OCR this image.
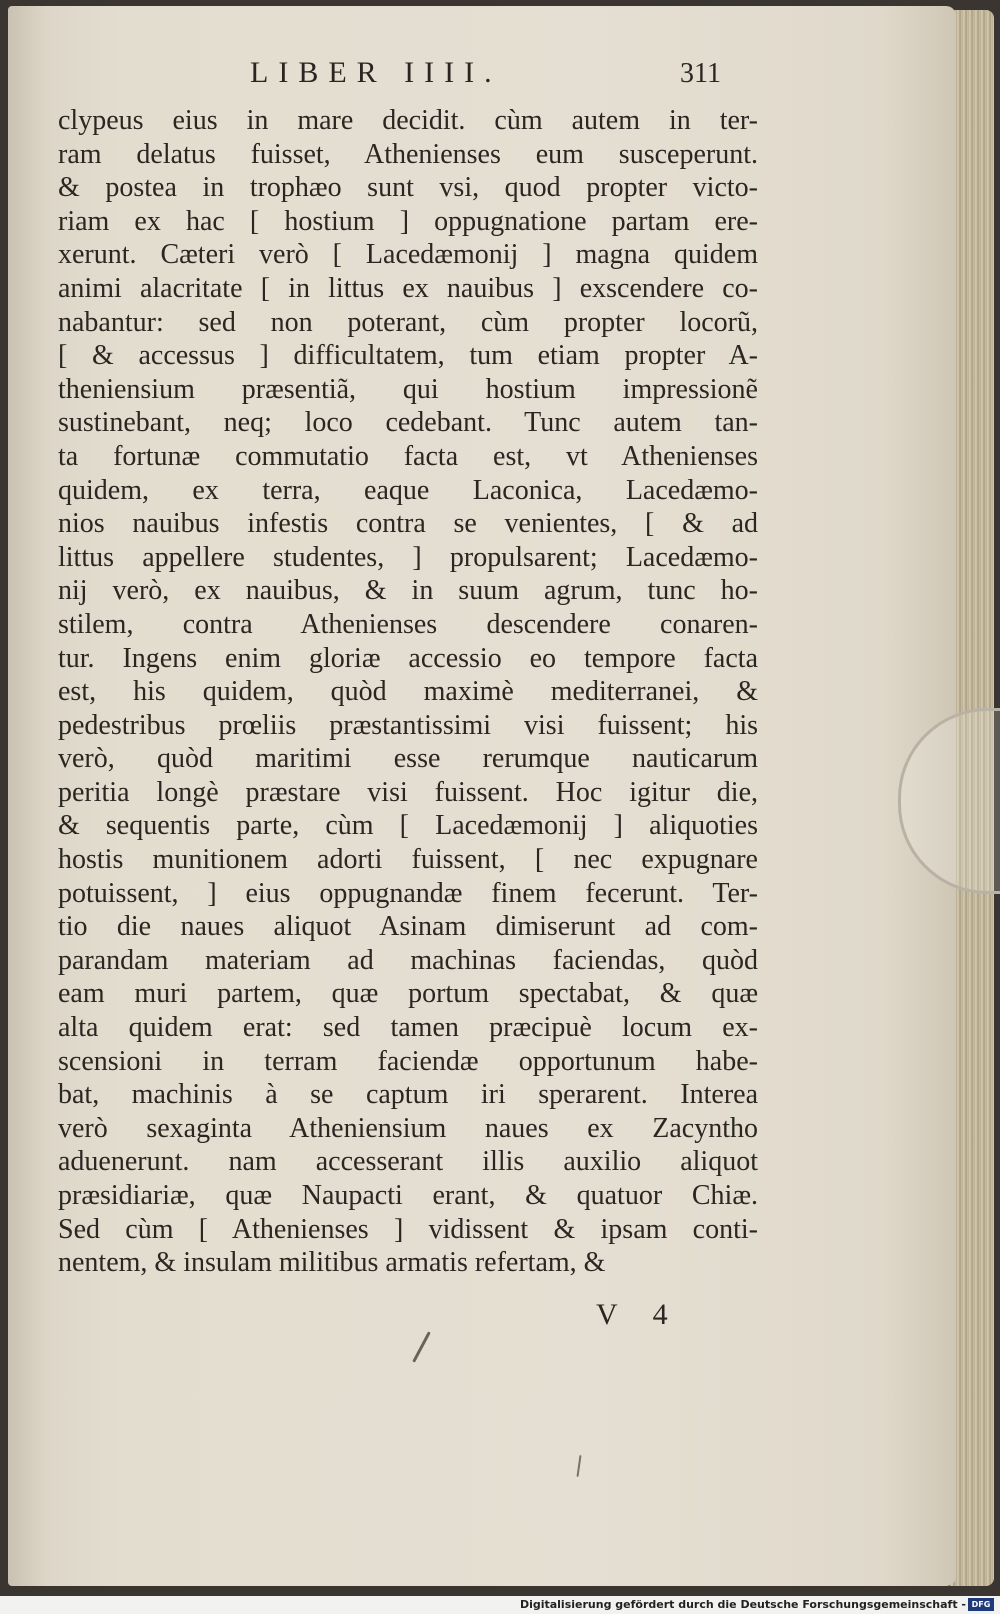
LIBER IIII.	311
clypeus eius in mare decidit. cùm autem in ter-
ram delatus fuisset, Athenienses eum susceperunt.
& postea in trophæo sunt vsi, quod propter victo-
riam ex hac [ hostium ] oppugnatione partam ere-
xerunt. Cæteri verò [ Lacedæmonij ] magna quidem
animi alacritate [ in littus ex nauibus ] exscendere co-
nabantur: sed non poterant, cùm propter locorũ,
[ & accessus ] difficultatem, tum etiam propter A-
theniensium præsentiã, qui hostium impressionẽ
sustinebant, neq; loco cedebant. Tunc autem tan-
ta fortunæ commutatio facta est, vt Athenienses
quidem, ex terra, eaque Laconica, Lacedæmo-
nios nauibus infestis contra se venientes, [ & ad
littus appellere studentes, ] propulsarent; Lacedæmo-
nij verò, ex nauibus, & in suum agrum, tunc ho-
stilem, contra Athenienses descendere conaren-
tur. Ingens enim gloriæ accessio eo tempore facta
est, his quidem, quòd maximè mediterranei, &
pedestribus prœliis præstantissimi visi fuissent; his
verò, quòd maritimi esse rerumque nauticarum
peritia longè præstare visi fuissent. Hoc igitur die,
& sequentis parte, cùm [ Lacedæmonij ] aliquoties
hostis munitionem adorti fuissent, [ nec expugnare
potuissent, ] eius oppugnandæ finem fecerunt. Ter-
tio die naues aliquot Asinam dimiserunt ad com-
parandam materiam ad machinas faciendas, quòd
eam muri partem, quæ portum spectabat, & quæ
alta quidem erat: sed tamen præcipuè locum ex-
scensioni in terram faciendæ opportunum habe-
bat, machinis à se captum iri sperarent. Interea
verò sexaginta Atheniensium naues ex Zacyntho
aduenerunt. nam accesserant illis auxilio aliquot
præsidiariæ, quæ Naupacti erant, & quatuor Chiæ.
Sed cùm [ Athenienses ] vidissent & ipsam conti-
nentem, & insulam militibus armatis refertam, &
V 4
Digitalisierung gefördert durch die Deutsche Forschungsgemeinschaft - DFG
